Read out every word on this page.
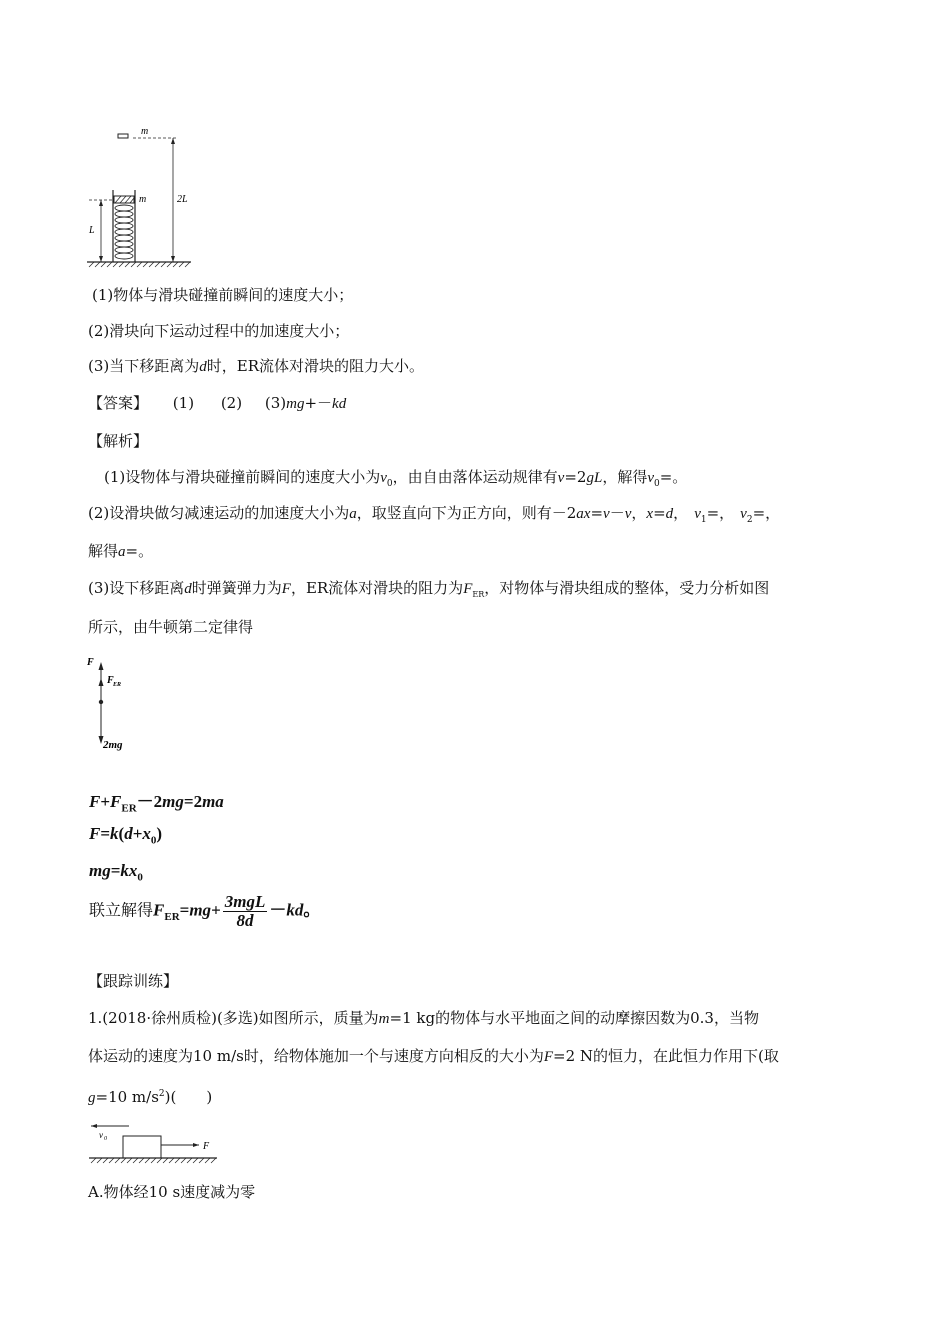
m
2L
m
L
(1)物体与滑块碰撞前瞬间的速度大小；
(2)滑块向下运动过程中的加速度大小；
(3)当下移距离为d时，ER流体对滑块的阻力大小。
【答案】 (1) (2) (3)mg+－kd
【解析】
(1)设物体与滑块碰撞前瞬间的速度大小为$v_0$，由自由落体运动规律有v=2gL，解得$v_0=$。
(2)设滑块做匀减速运动的加速度大小为a，取竖直向下为正方向，则有－2ax=v－v，x=d， $v_1=$， $v_2=$，
解得a=。
(3)设下移距离d时弹簧弹力为F，ER流体对滑块的阻力为$F_{ER}$，对物体与滑块组成的整体，受力分析如图
所示，由牛顿第二定律得
F
F ER
2mg
$F+F_{ER}-2mg=2ma$
$F=k(d+x_0)$
$mg=kx_0$
联立解得$F_{ER}=mg+ \frac{\text{3mgL}}{8d} -kd$。
【跟踪训练】
1.(2018·徐州质检)(多选)如图所示，质量为m=1 kg的物体与水平地面之间的动摩擦因数为0.3，当物
体运动的速度为10 m/s时，给物体施加一个与速度方向相反的大小为F=2 N的恒力，在此恒力作用下(取
g=10 $m/s^2$)(　　)
v 0
F
A.物体经10 s速度减为零
